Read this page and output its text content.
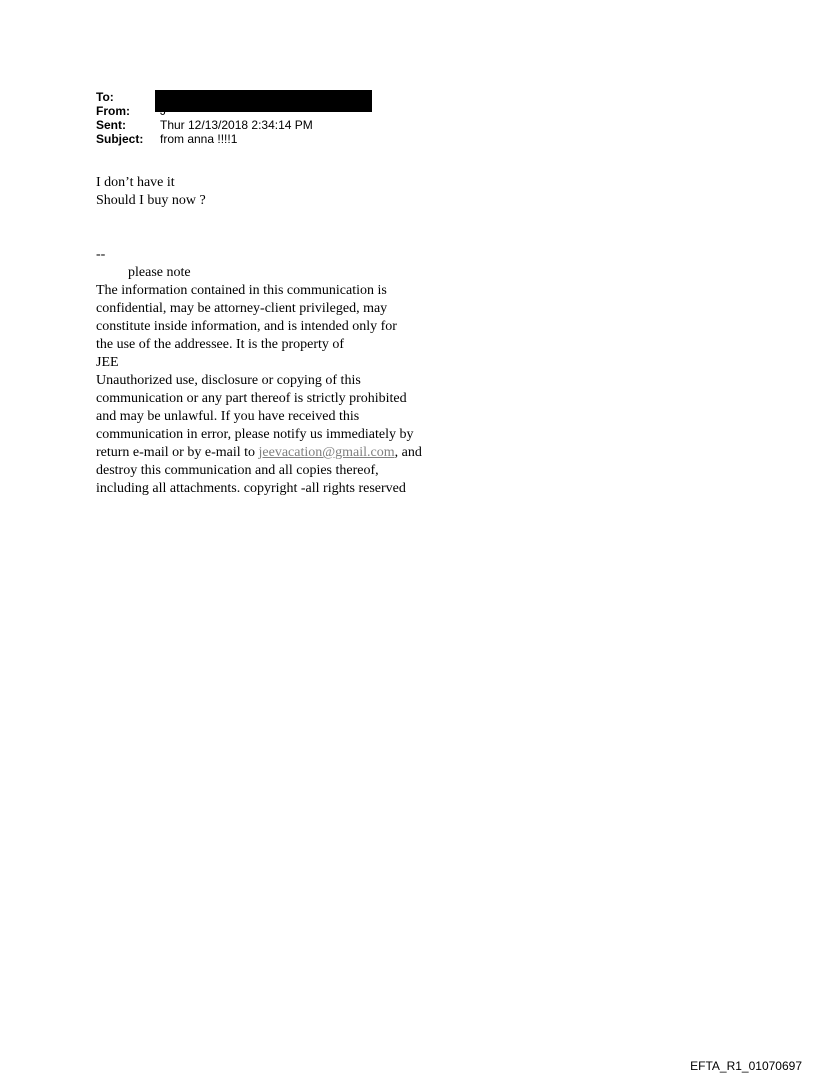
To:
From:
Sent:	Thur 12/13/2018 2:34:14 PM
Subject:	from anna !!!!1
I don’t have it
Should I buy now ?
--
please note
The information contained in this communication is
confidential, may be attorney-client privileged, may
constitute inside information, and is intended only for
the use of the addressee. It is the property of
JEE
Unauthorized use, disclosure or copying of this
communication or any part thereof is strictly prohibited
and may be unlawful. If you have received this
communication in error, please notify us immediately by
return e-mail or by e-mail to jeevacation@gmail.com, and
destroy this communication and all copies thereof,
including all attachments. copyright -all rights reserved
EFTA_R1_01070697
